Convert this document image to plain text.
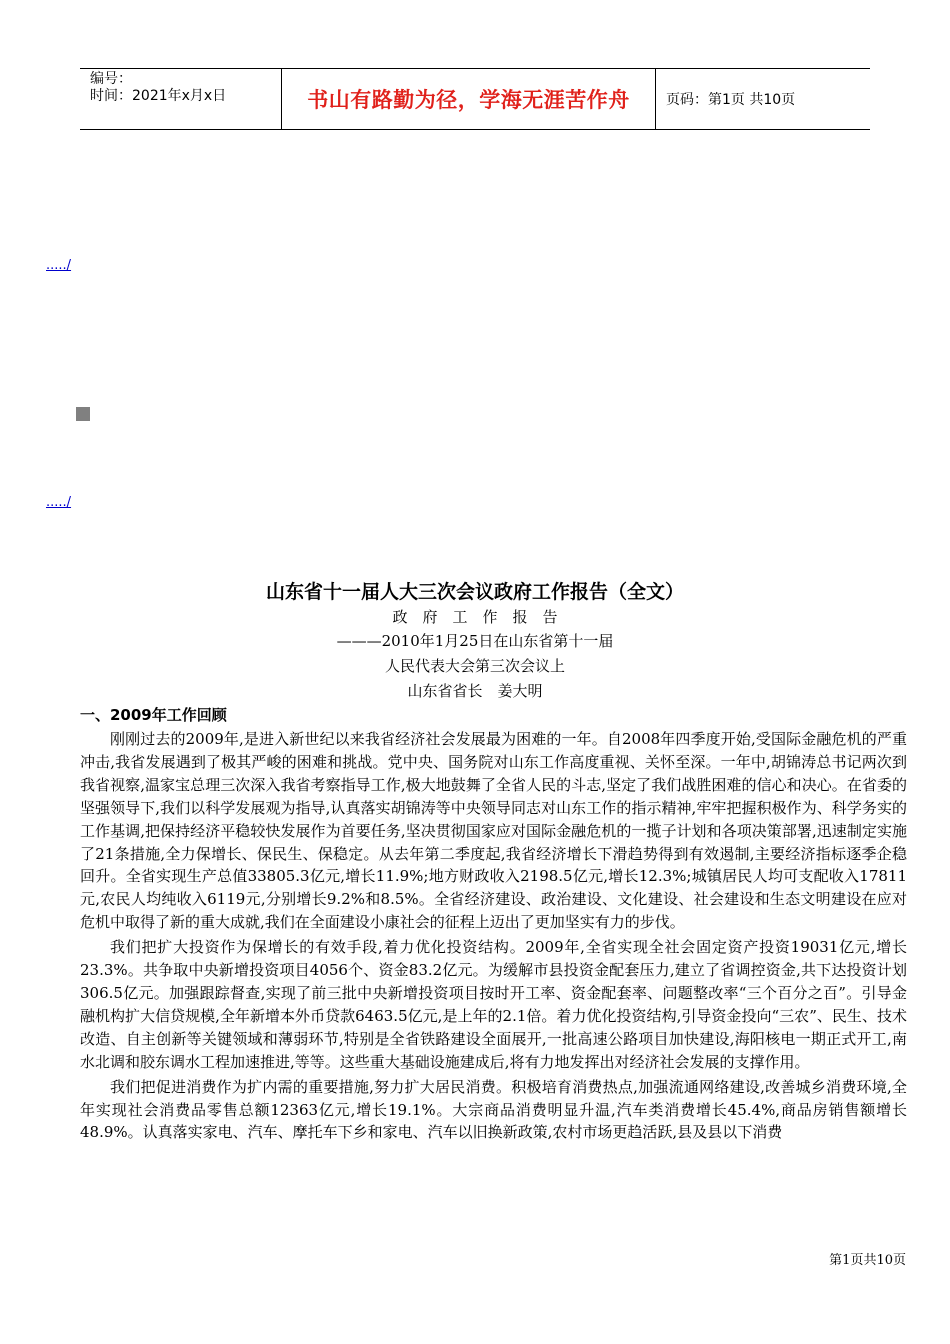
编号：
时间：2021年x月x日	书山有路勤为径，学海无涯苦作舟	页码：第1页 共10页
...../
...../
山东省十一届人大三次会议政府工作报告（全文）
政　府　工　作　报　告
———2010年1月25日在山东省第十一届
人民代表大会第三次会议上
山东省省长　姜大明
一、2009年工作回顾

刚刚过去的2009年,是进入新世纪以来我省经济社会发展最为困难的一年。自2008年四季度开始,受国际金融危机的严重冲击,我省发展遇到了极其严峻的困难和挑战。党中央、国务院对山东工作高度重视、关怀至深。一年中,胡锦涛总书记两次到我省视察,温家宝总理三次深入我省考察指导工作,极大地鼓舞了全省人民的斗志,坚定了我们战胜困难的信心和决心。在省委的坚强领导下,我们以科学发展观为指导,认真落实胡锦涛等中央领导同志对山东工作的指示精神,牢牢把握积极作为、科学务实的工作基调,把保持经济平稳较快发展作为首要任务,坚决贯彻国家应对国际金融危机的一揽子计划和各项决策部署,迅速制定实施了21条措施,全力保增长、保民生、保稳定。从去年第二季度起,我省经济增长下滑趋势得到有效遏制,主要经济指标逐季企稳回升。全省实现生产总值33805.3亿元,增长11.9%;地方财政收入2198.5亿元,增长12.3%;城镇居民人均可支配收入17811元,农民人均纯收入6119元,分别增长9.2%和8.5%。全省经济建设、政治建设、文化建设、社会建设和生态文明建设在应对危机中取得了新的重大成就,我们在全面建设小康社会的征程上迈出了更加坚实有力的步伐。

我们把扩大投资作为保增长的有效手段,着力优化投资结构。2009年,全省实现全社会固定资产投资19031亿元,增长23.3%。共争取中央新增投资项目4056个、资金83.2亿元。为缓解市县投资金配套压力,建立了省调控资金,共下达投资计划306.5亿元。加强跟踪督查,实现了前三批中央新增投资项目按时开工率、资金配套率、问题整改率“三个百分之百”。引导金融机构扩大信贷规模,全年新增本外币贷款6463.5亿元,是上年的2.1倍。着力优化投资结构,引导资金投向“三农”、民生、技术改造、自主创新等关键领域和薄弱环节,特别是全省铁路建设全面展开,一批高速公路项目加快建设,海阳核电一期正式开工,南水北调和胶东调水工程加速推进,等等。这些重大基础设施建成后,将有力地发挥出对经济社会发展的支撑作用。

我们把促进消费作为扩内需的重要措施,努力扩大居民消费。积极培育消费热点,加强流通网络建设,改善城乡消费环境,全年实现社会消费品零售总额12363亿元,增长19.1%。大宗商品消费明显升温,汽车类消费增长45.4%,商品房销售额增长48.9%。认真落实家电、汽车、摩托车下乡和家电、汽车以旧换新政策,农村市场更趋活跃,县及县以下消费

第1页共10页
